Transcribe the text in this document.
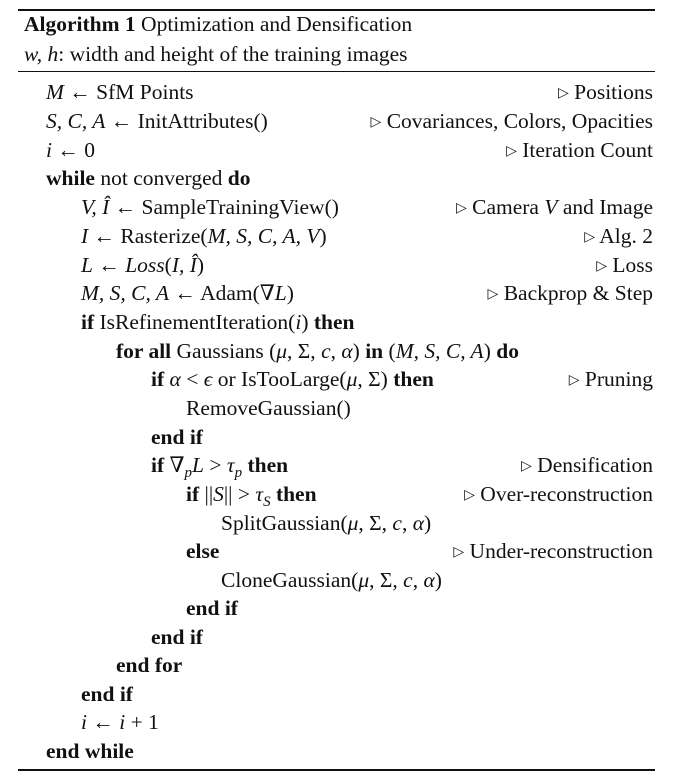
Algorithm 1 Optimization and Densification
w, h: width and height of the training images
M ← SfM Points	▷ Positions
S, C, A ← InitAttributes()	▷ Covariances, Colors, Opacities
i ← 0	▷ Iteration Count
while not converged do
V, Î ← SampleTrainingView()	▷ Camera V and Image
I ← Rasterize(M, S, C, A, V)	▷ Alg. 2
L ← Loss(I, Î)	▷ Loss
M, S, C, A ← Adam(∇L)	▷ Backprop & Step
if IsRefinementIteration(i) then
for all Gaussians (μ, Σ, c, α) in (M, S, C, A) do
if α < ϵ or IsTooLarge(μ, Σ) then	▷ Pruning
RemoveGaussian()
end if
if $\nabla_pL > \tau_p$ then	▷ Densification
if $||S|| > \tau_S$ then	▷ Over-reconstruction
SplitGaussian(μ, Σ, c, α)
else	▷ Under-reconstruction
CloneGaussian(μ, Σ, c, α)
end if
end if
end for
end if
i ← i + 1
end while
